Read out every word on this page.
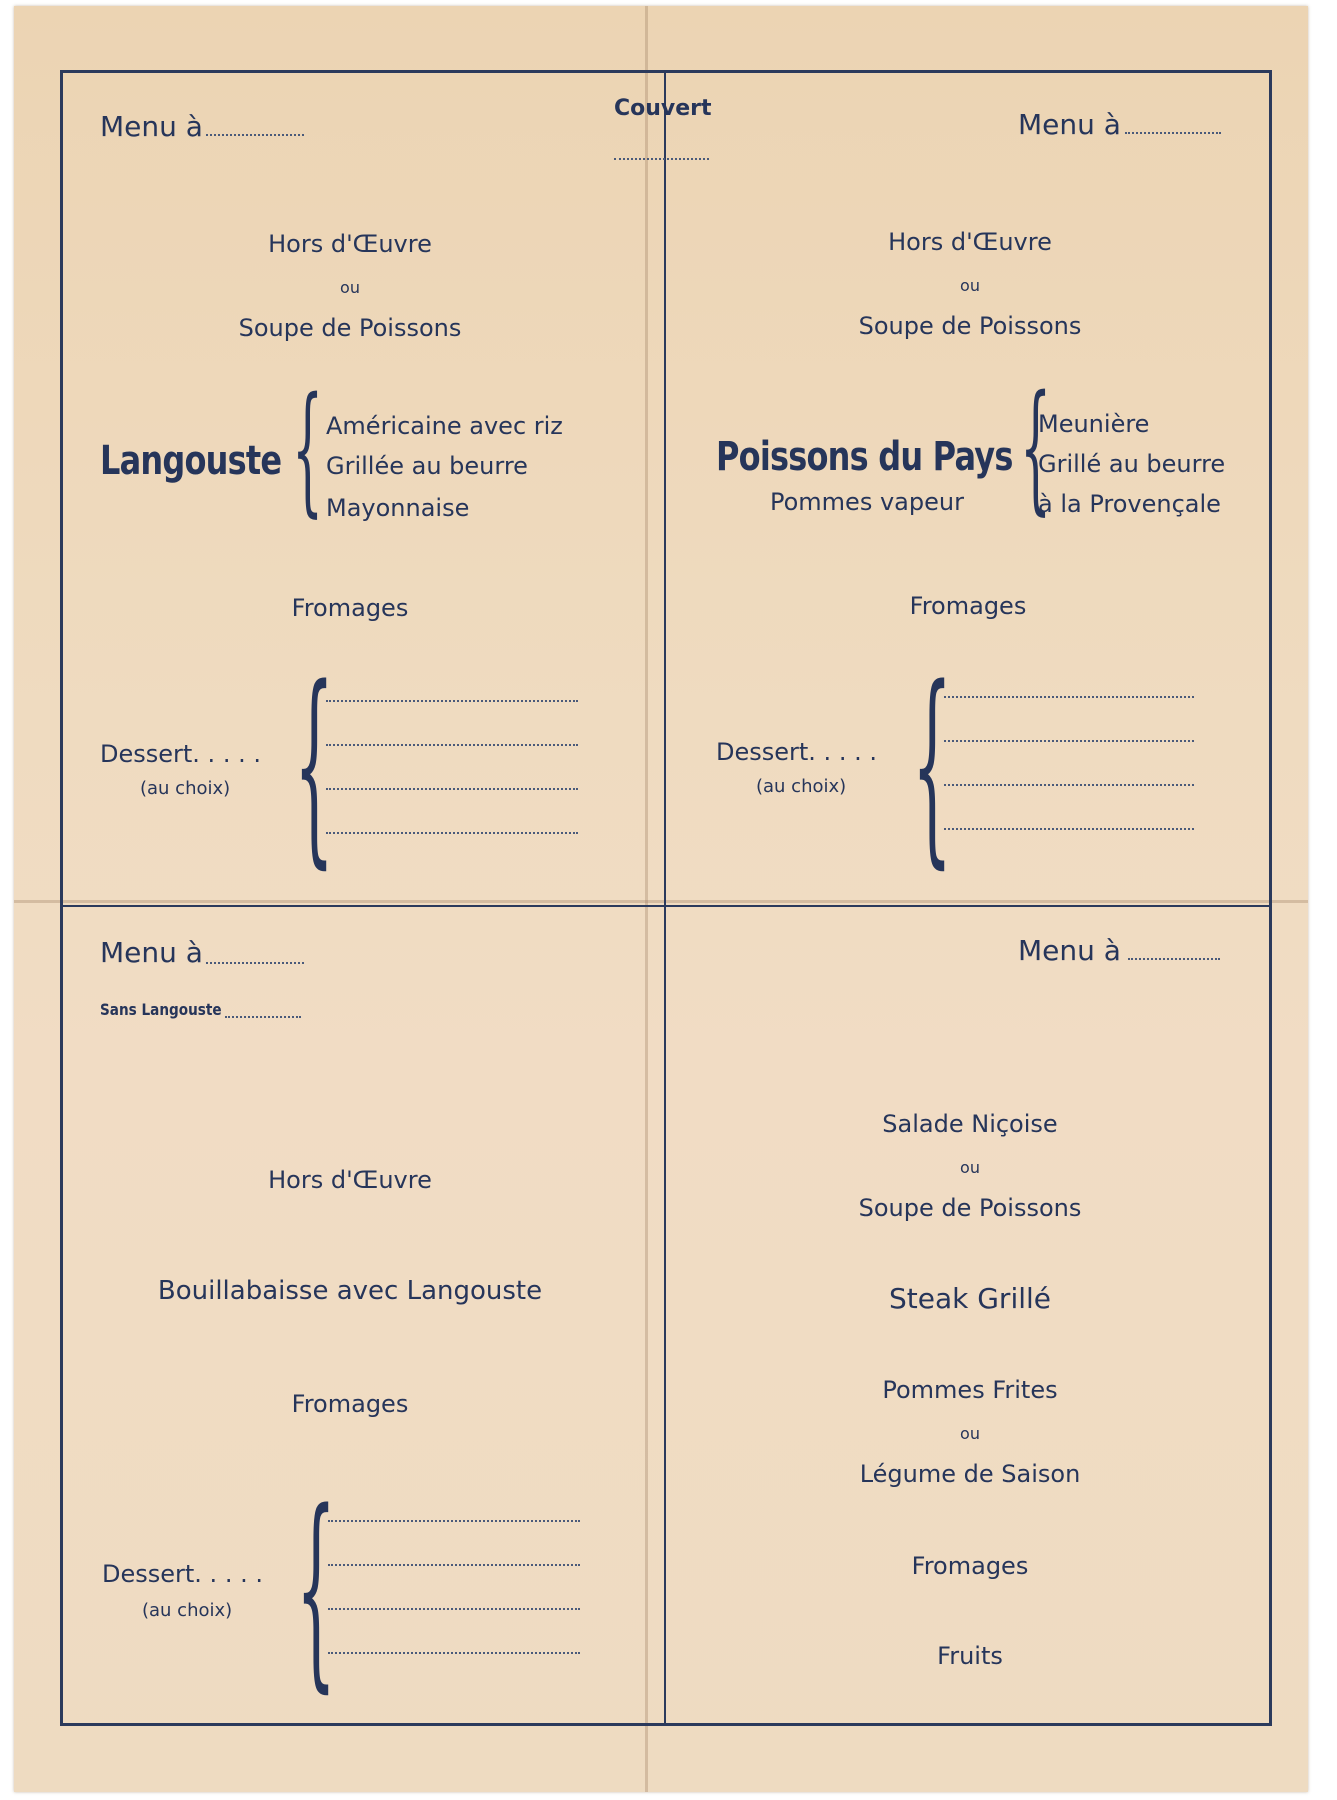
Couvert
Menu à
Hors d'Œuvre
ou
Soupe de Poissons
Langouste { Américaine avec riz
Grillée au beurre
Mayonnaise
Fromages
{
Dessert. . . . .
(au choix)
Menu à
Hors d'Œuvre
ou
Soupe de Poissons
Poissons du Pays
Pommes vapeur {
Meunière
Grillé au beurre
à la Provençale
Fromages
{
Dessert. . . . .
(au choix)
Menu à
Sans Langouste
Hors d'Œuvre
Bouillabaisse avec Langouste
Fromages
{
Dessert. . . . .
(au choix)
Menu à
Salade Niçoise
ou
Soupe de Poissons
Steak Grillé
Pommes Frites
ou
Légume de Saison
Fromages
Fruits
